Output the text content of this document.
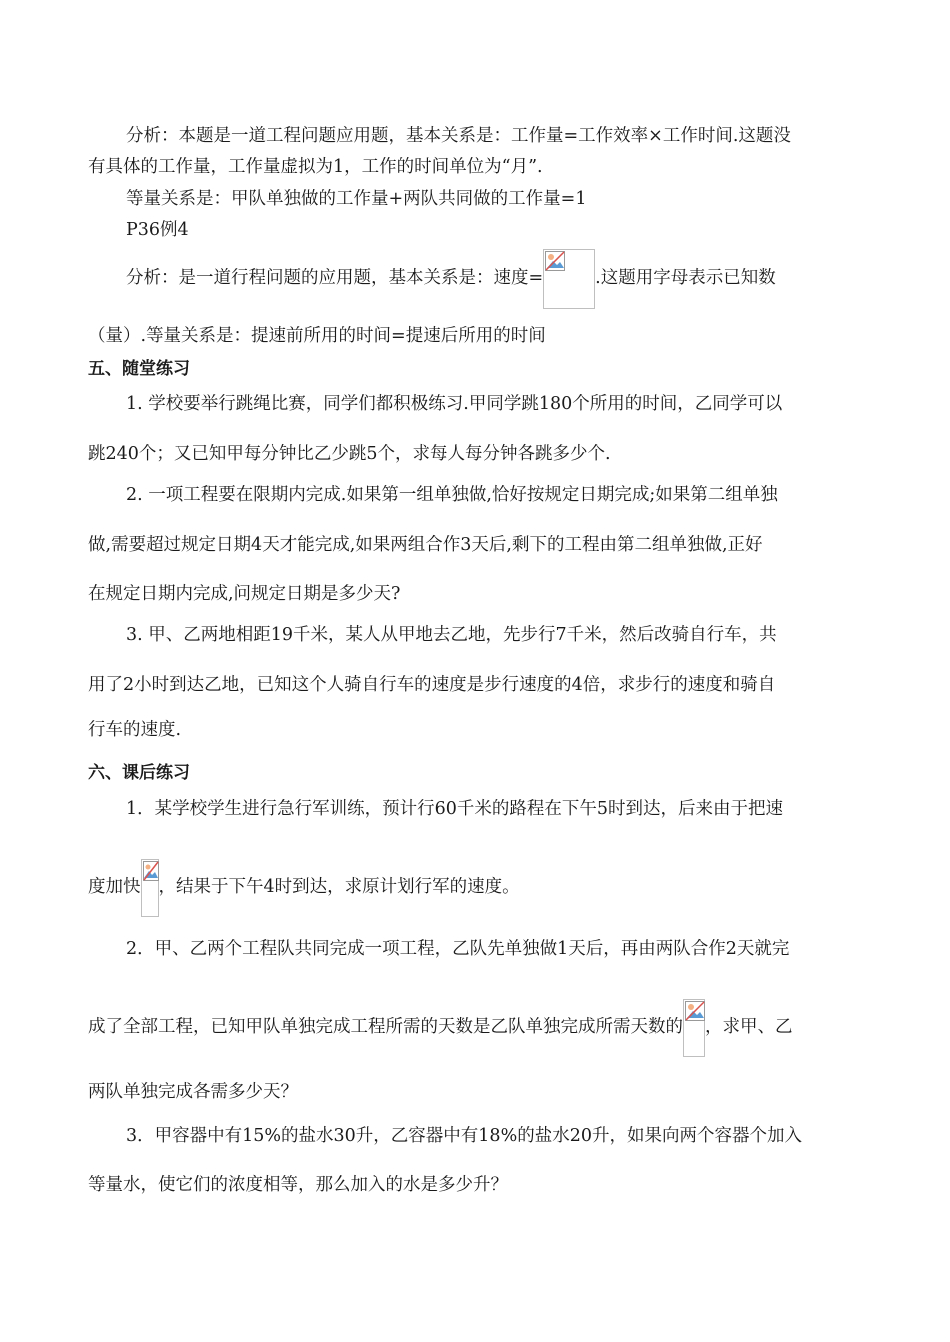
分析：本题是一道工程问题应用题，基本关系是：工作量=工作效率×工作时间.这题没
有具体的工作量，工作量虚拟为1，工作的时间单位为“月”.
等量关系是：甲队单独做的工作量+两队共同做的工作量=1
P36例4
分析：是一道行程问题的应用题，基本关系是：速度=	.这题用字母表示已知数
（量）.等量关系是：提速前所用的时间=提速后所用的时间
五、随堂练习
1. 学校要举行跳绳比赛，同学们都积极练习.甲同学跳180个所用的时间，乙同学可以
跳240个；又已知甲每分钟比乙少跳5个，求每人每分钟各跳多少个.
2. 一项工程要在限期内完成.如果第一组单独做,恰好按规定日期完成;如果第二组单独
做,需要超过规定日期4天才能完成,如果两组合作3天后,剩下的工程由第二组单独做,正好
在规定日期内完成,问规定日期是多少天?
3. 甲、乙两地相距19千米，某人从甲地去乙地，先步行7千米，然后改骑自行车，共
用了2小时到达乙地，已知这个人骑自行车的速度是步行速度的4倍，求步行的速度和骑自
行车的速度.
六、课后练习
1．某学校学生进行急行军训练，预计行60千米的路程在下午5时到达，后来由于把速
度加快 ，结果于下午4时到达，求原计划行军的速度。
2．甲、乙两个工程队共同完成一项工程，乙队先单独做1天后，再由两队合作2天就完
成了全部工程，已知甲队单独完成工程所需的天数是乙队单独完成所需天数的 ，求甲、乙
两队单独完成各需多少天？
3．甲容器中有15%的盐水30升，乙容器中有18%的盐水20升，如果向两个容器个加入
等量水，使它们的浓度相等，那么加入的水是多少升？
